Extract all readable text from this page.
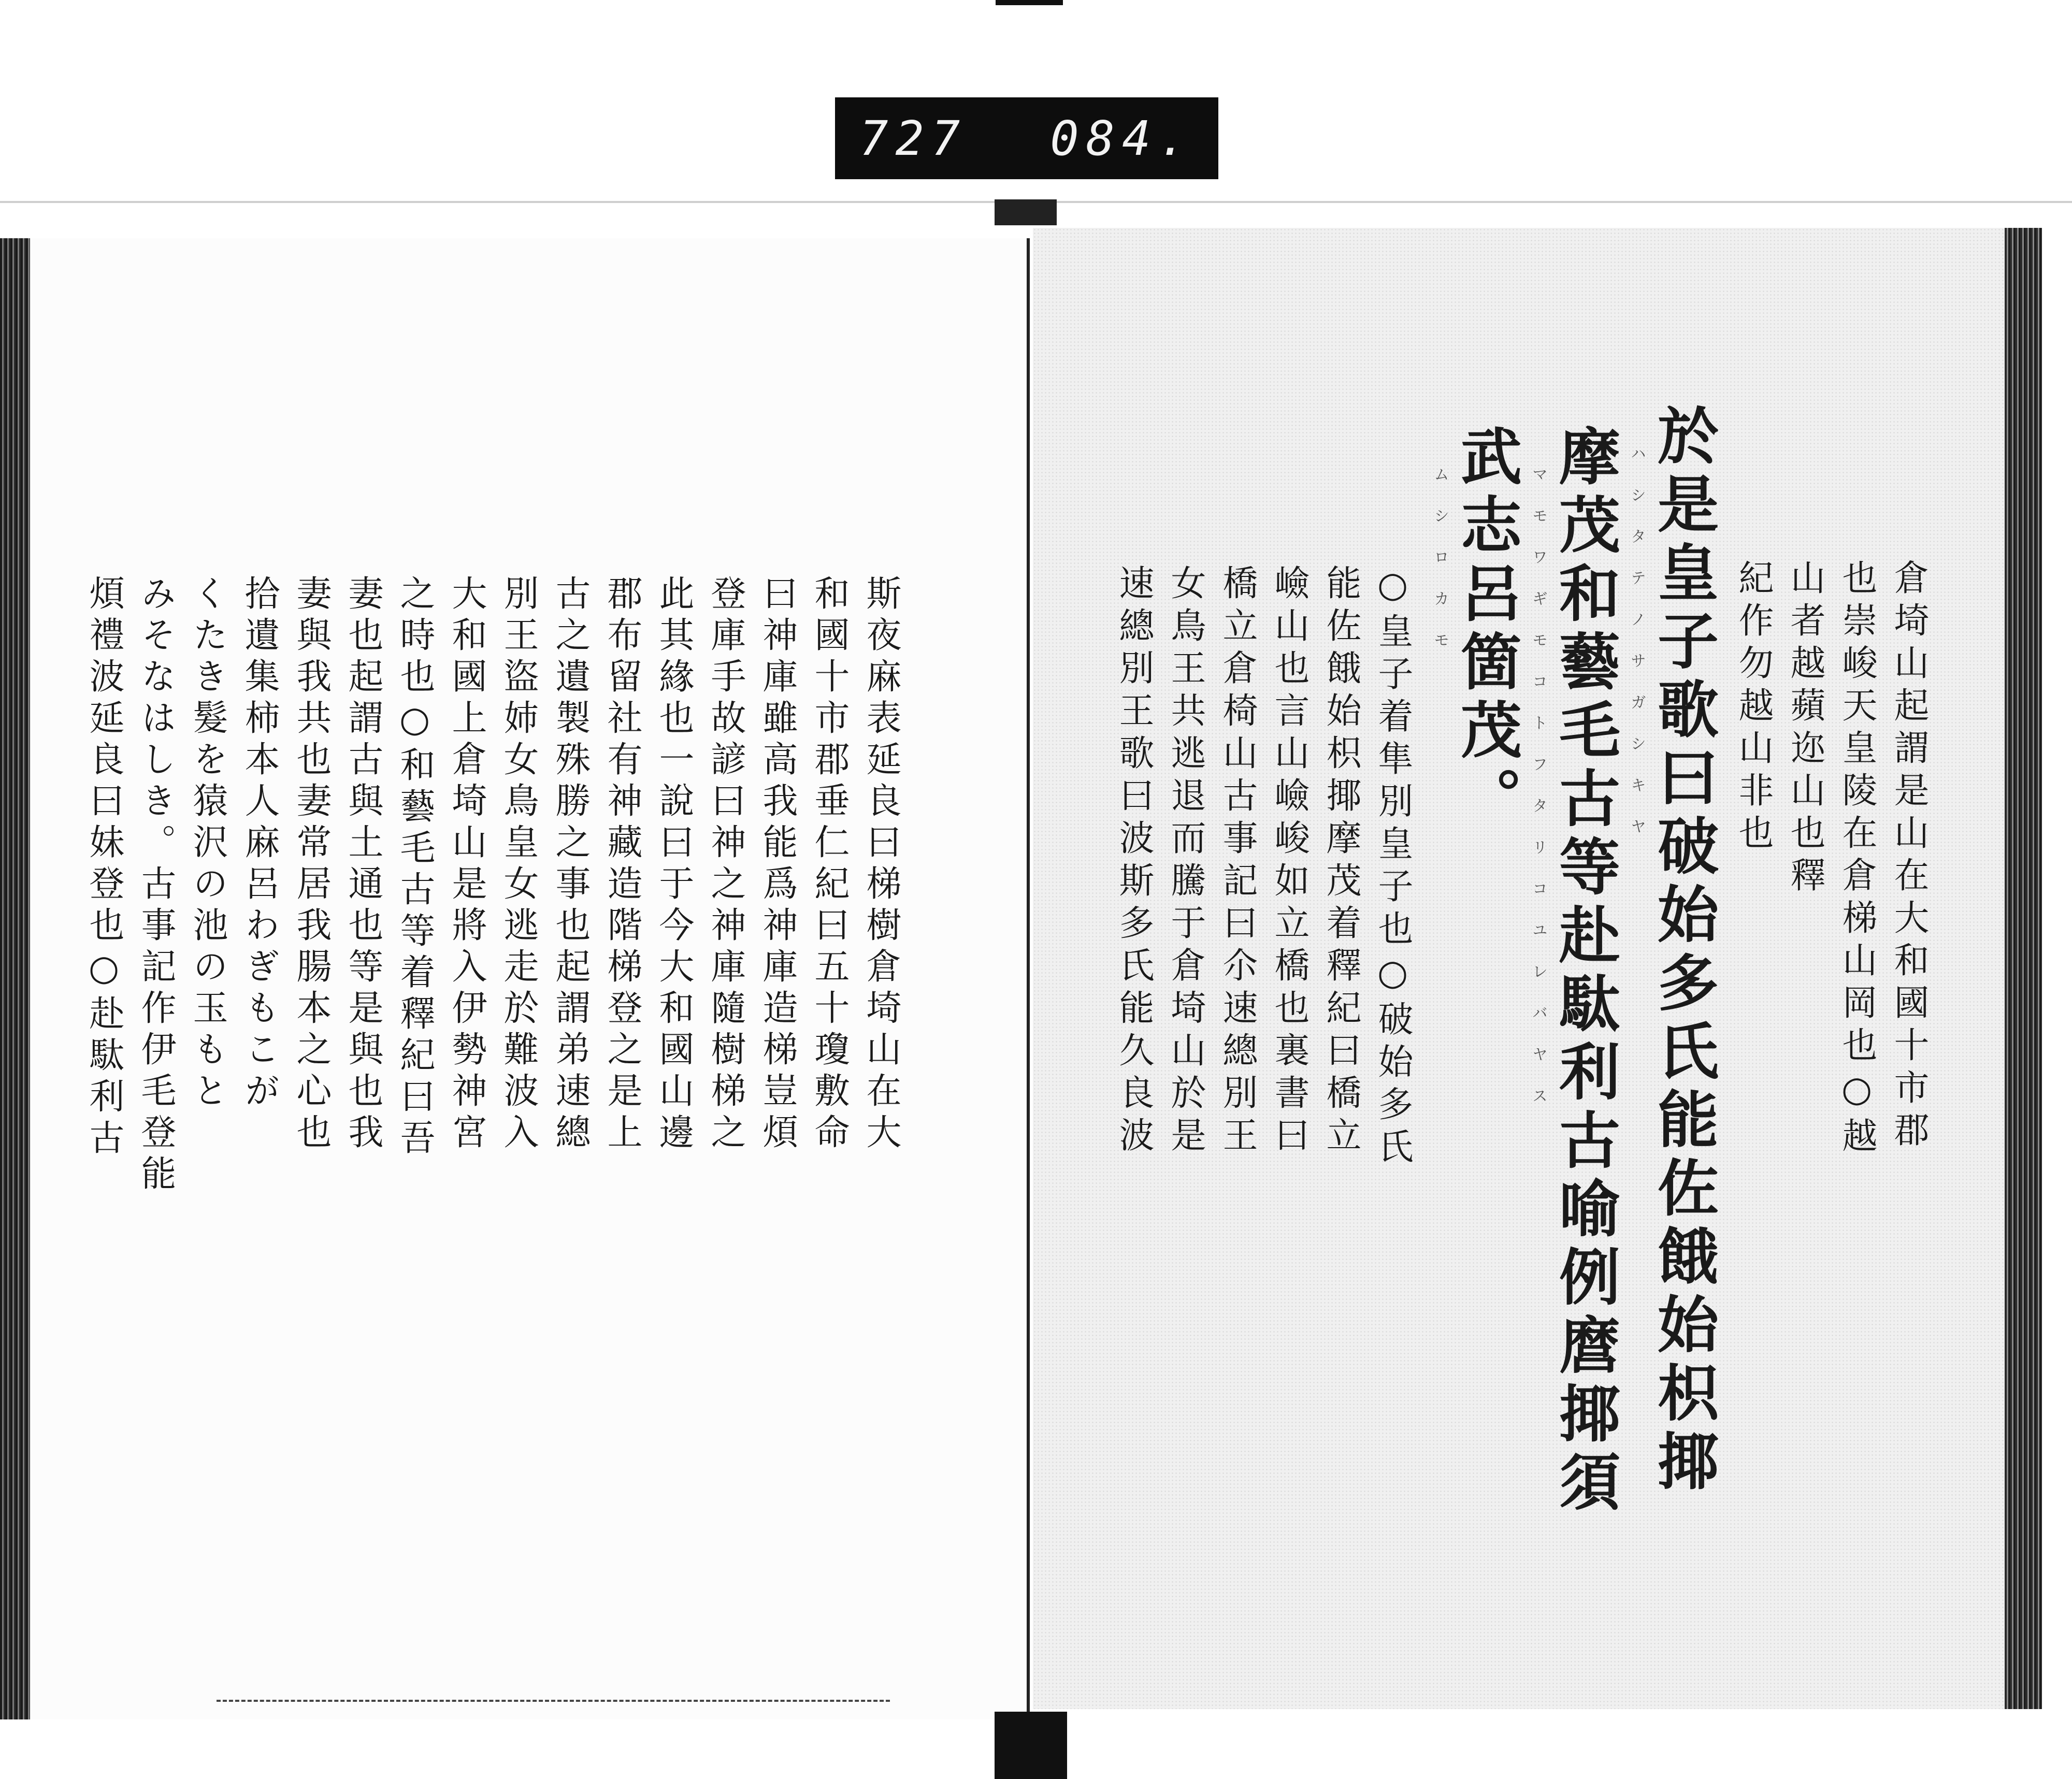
727 084.
斯夜麻表延良曰梯樹倉埼山在大
和國十市郡垂仁紀曰五十瓊敷命
曰神庫雖高我能爲神庫造梯豈煩
登庫手故諺曰神之神庫隨樹梯之
此其緣也一說曰于今大和國山邊
郡布留社有神藏造階梯登之是上
古之遺製殊勝之事也起謂弟速總
別王盜姉女鳥皇女逃走於難波入
大和國上倉埼山是將入伊勢神宮
之時也○和藝毛古等着釋紀曰吾
妻也起謂古與土通也等是與也我
妻與我共也妻常居我腸本之心也
拾遺集柿本人麻呂わぎもこが
くたき髮を猿沢の池の玉もと
みそなはしき。古事記作伊毛登能
煩禮波延良曰妹登也○赴駄利古	倉埼山起謂是山在大和國十市郡
也崇峻天皇陵在倉梯山岡也○越
山者越蘋迩山也釋
紀作勿越山非也
於是皇子歌曰破始多氏能佐餓始枳揶
ハシタテノサガシキヤ
摩茂和藝毛古等赴駄利古喻例麿揶須
マモワギモコトフタリコユレバヤス
武志呂箇茂。
ムシロカモ
○皇子着隼別皇子也○破始多氏
能佐餓始枳揶摩茂着釋紀曰橋立
嶮山也言山嶮峻如立橋也裏書曰
橋立倉椅山古事記曰尒速總別王
女鳥王共逃退而騰于倉埼山於是
速總別王歌曰波斯多氏能久良波
